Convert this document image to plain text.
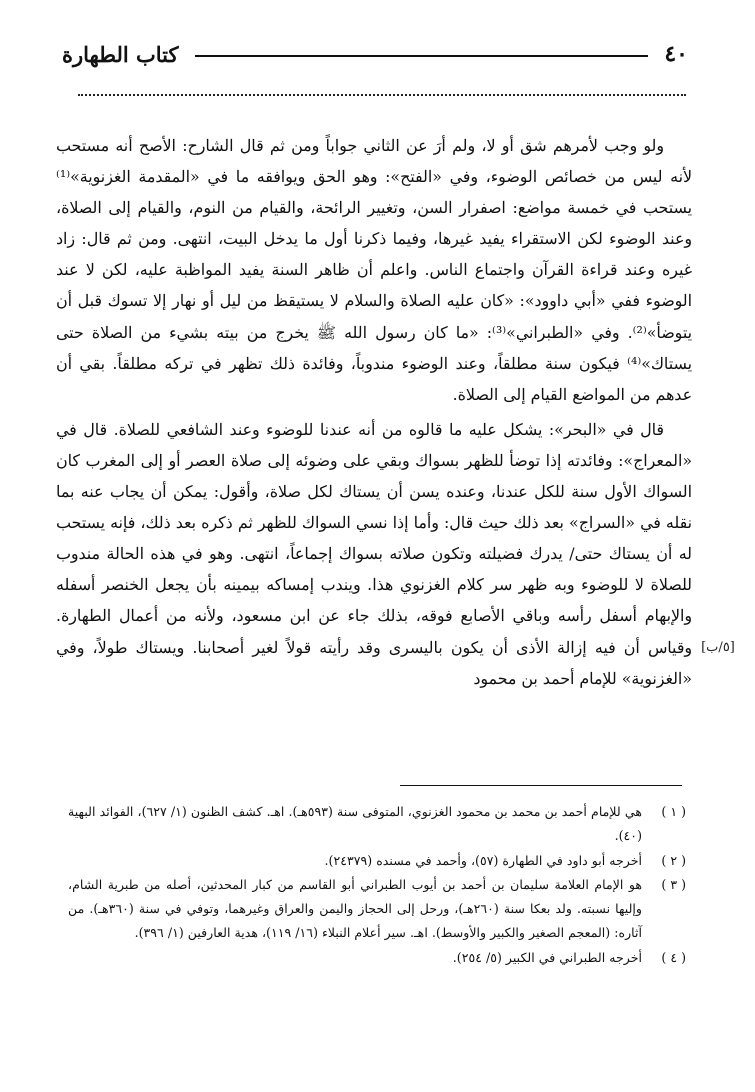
٤٠
كتاب الطهارة

ولو وجب لأمرهم شق أو لا، ولم أرَ عن الثاني جواباً ومن ثم قال الشارح: الأصح أنه مستحب لأنه ليس من خصائص الوضوء، وفي «الفتح»: وهو الحق ويوافقه ما في «المقدمة الغزنوية»⁽¹⁾ يستحب في خمسة مواضع: اصفرار السن، وتغيير الرائحة، والقيام من النوم، والقيام إلى الصلاة، وعند الوضوء لكن الاستقراء يفيد غيرها، وفيما ذكرنا أول ما يدخل البيت، انتهى. ومن ثم قال: زاد غيره وعند قراءة القرآن واجتماع الناس. واعلم أن ظاهر السنة يفيد المواظبة عليه، لكن لا عند الوضوء ففي «أبي داوود»: «كان عليه الصلاة والسلام لا يستيقظ من ليل أو نهار إلا تسوك قبل أن يتوضأ»⁽²⁾. وفي «الطبراني»⁽³⁾: «ما كان رسول الله ﷺ يخرج من بيته بشيء من الصلاة حتى يستاك»⁽⁴⁾ فيكون سنة مطلقاً، وعند الوضوء مندوباً، وفائدة ذلك تظهر في تركه مطلقاً. بقي أن عدهم من المواضع القيام إلى الصلاة.

قال في «البحر»: يشكل عليه ما قالوه من أنه عندنا للوضوء وعند الشافعي للصلاة. قال في «المعراج»: وفائدته إذا توضأ للظهر بسواك وبقي على وضوئه إلى صلاة العصر أو إلى المغرب كان السواك الأول سنة للكل عندنا، وعنده يسن أن يستاك لكل صلاة، وأقول: يمكن أن يجاب عنه بما نقله في «السراج» بعد ذلك حيث قال: وأما إذا نسي السواك للظهر ثم ذكره بعد ذلك، فإنه يستحب له أن يستاك حتى/ يدرك فضيلته وتكون صلاته بسواك إجماعاً، انتهى. وهو في هذه الحالة مندوب للصلاة لا للوضوء وبه ظهر سر كلام الغزنوي هذا. ويندب إمساكه بيمينه بأن يجعل الخنصر أسفله والإبهام أسفل رأسه وباقي الأصابع فوقه، بذلك جاء عن ابن مسعود، ولأنه من أعمال الطهارة. وقياس أن فيه إزالة الأذى أن يكون باليسرى وقد رأيته قولاً لغير أصحابنا. ويستاك طولاً، وفي «الغزنوية» للإمام أحمد بن محمود

[٥/ب]
( ١ )
هي للإمام أحمد بن محمد بن محمود الغزنوي، المتوفى سنة (٥٩٣هـ). اهـ. كشف الظنون (١/ ٦٢٧)، الفوائد البهية (٤٠).
( ٢ )
أخرجه أبو داود في الطهارة (٥٧)، وأحمد في مسنده (٢٤٣٧٩).
( ٣ )
هو الإمام العلامة سليمان بن أحمد بن أيوب الطبراني أبو القاسم من كبار المحدثين، أصله من طبرية الشام، وإليها نسبته. ولد بعكا سنة (٢٦٠هـ)، ورحل إلى الحجاز واليمن والعراق وغيرهما، وتوفي في سنة (٣٦٠هـ). من آثاره: (المعجم الصغير والكبير والأوسط). اهـ. سير أعلام النبلاء (١٦/ ١١٩)، هدية العارفين (١/ ٣٩٦).
( ٤ )
أخرجه الطبراني في الكبير (٥/ ٢٥٤).
